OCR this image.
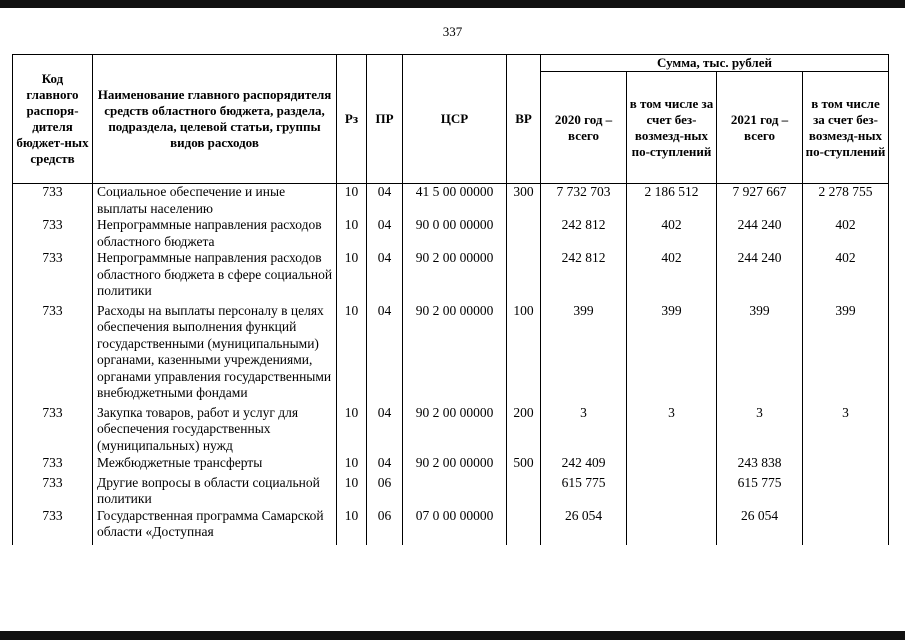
337
Код главного распоря-дителя бюджет-ных средств	Наименование главного распорядителя средств областного бюджета, раздела, подраздела, целевой статьи, группы видов расходов	Рз	ПР	ЦСР	ВР	Сумма, тыс. рублей			
						2020 год – всего	в том числе за счет без-возмезд-ных по-ступлений	2021 год – всего	в том числе за счет без-возмезд-ных по-ступлений
733	Социальное обеспечение и иные выплаты населению	10	04	41 5 00 00000	300	7 732 703	2 186 512	7 927 667	2 278 755
733	Непрограммные направления расходов областного бюджета	10	04	90 0 00 00000		242 812	402	244 240	402
733	Непрограммные направления расходов областного бюджета в сфере социальной политики	10	04	90 2 00 00000		242 812	402	244 240	402
733	Расходы на выплаты персоналу в целях обеспечения выполнения функций государственными (муниципальными) органами, казенными учреждениями, органами управления государственными внебюджетными фондами	10	04	90 2 00 00000	100	399	399	399	399
733	Закупка товаров, работ и услуг для обеспечения государственных (муниципальных) нужд	10	04	90 2 00 00000	200	3	3	3	3
733	Межбюджетные трансферты	10	04	90 2 00 00000	500	242 409		243 838	
733	Другие вопросы в области социальной политики	10	06			615 775		615 775	
733	Государственная программа Самарской области «Доступная	10	06	07 0 00 00000		26 054		26 054	
